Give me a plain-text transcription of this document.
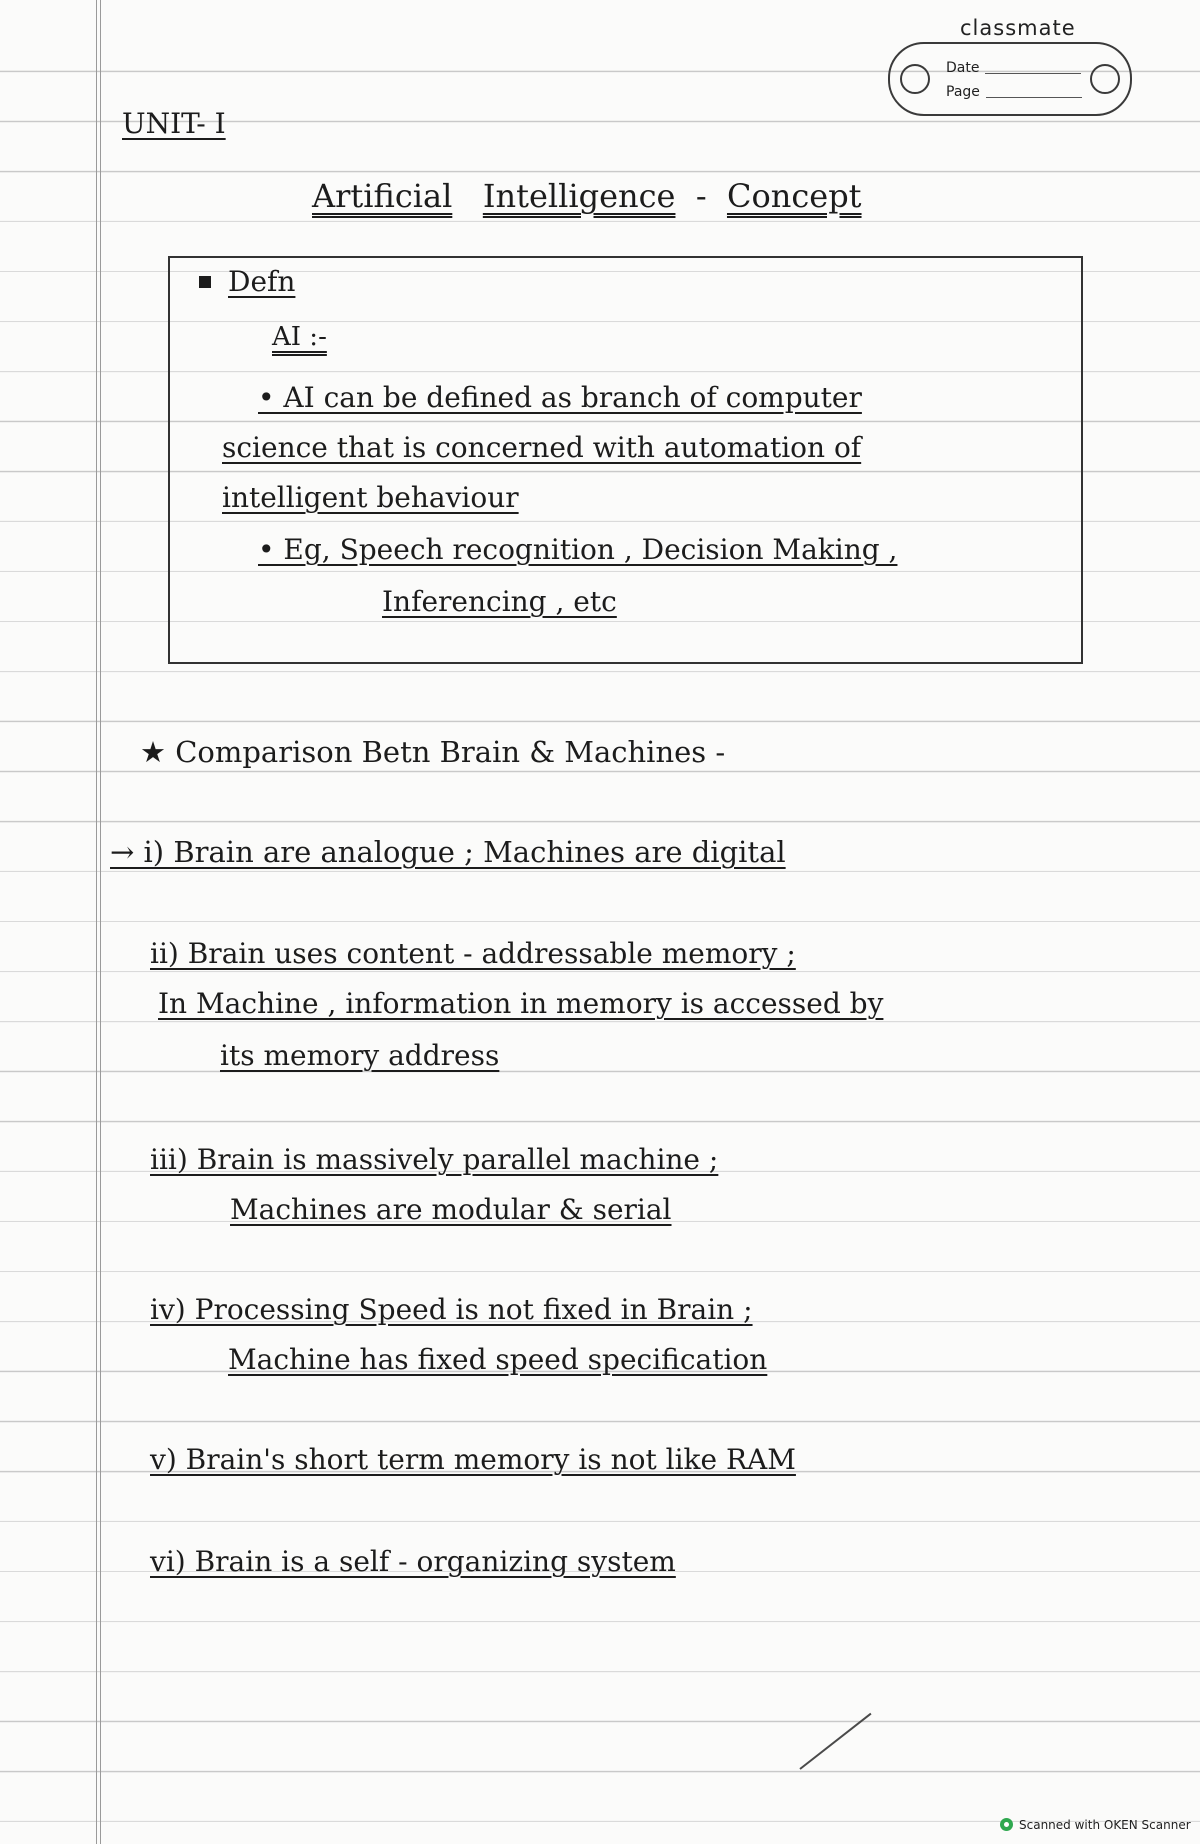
classmate
Date
Page
UNIT- I
Artificial Intelligence - Concept
Defn
AI :-
• AI can be defined as branch of computer
science that is concerned with automation of
intelligent behaviour
• Eg, Speech recognition , Decision Making ,
Inferencing , etc
★ Comparison Betn Brain & Machines -
→ i) Brain are analogue ; Machines are digital
ii) Brain uses content - addressable memory ;
In Machine , information in memory is accessed by
its memory address
iii) Brain is massively parallel machine ;
Machines are modular & serial
iv) Processing Speed is not fixed in Brain ;
Machine has fixed speed specification
v) Brain's short term memory is not like RAM
vi) Brain is a self - organizing system
Scanned with OKEN Scanner
